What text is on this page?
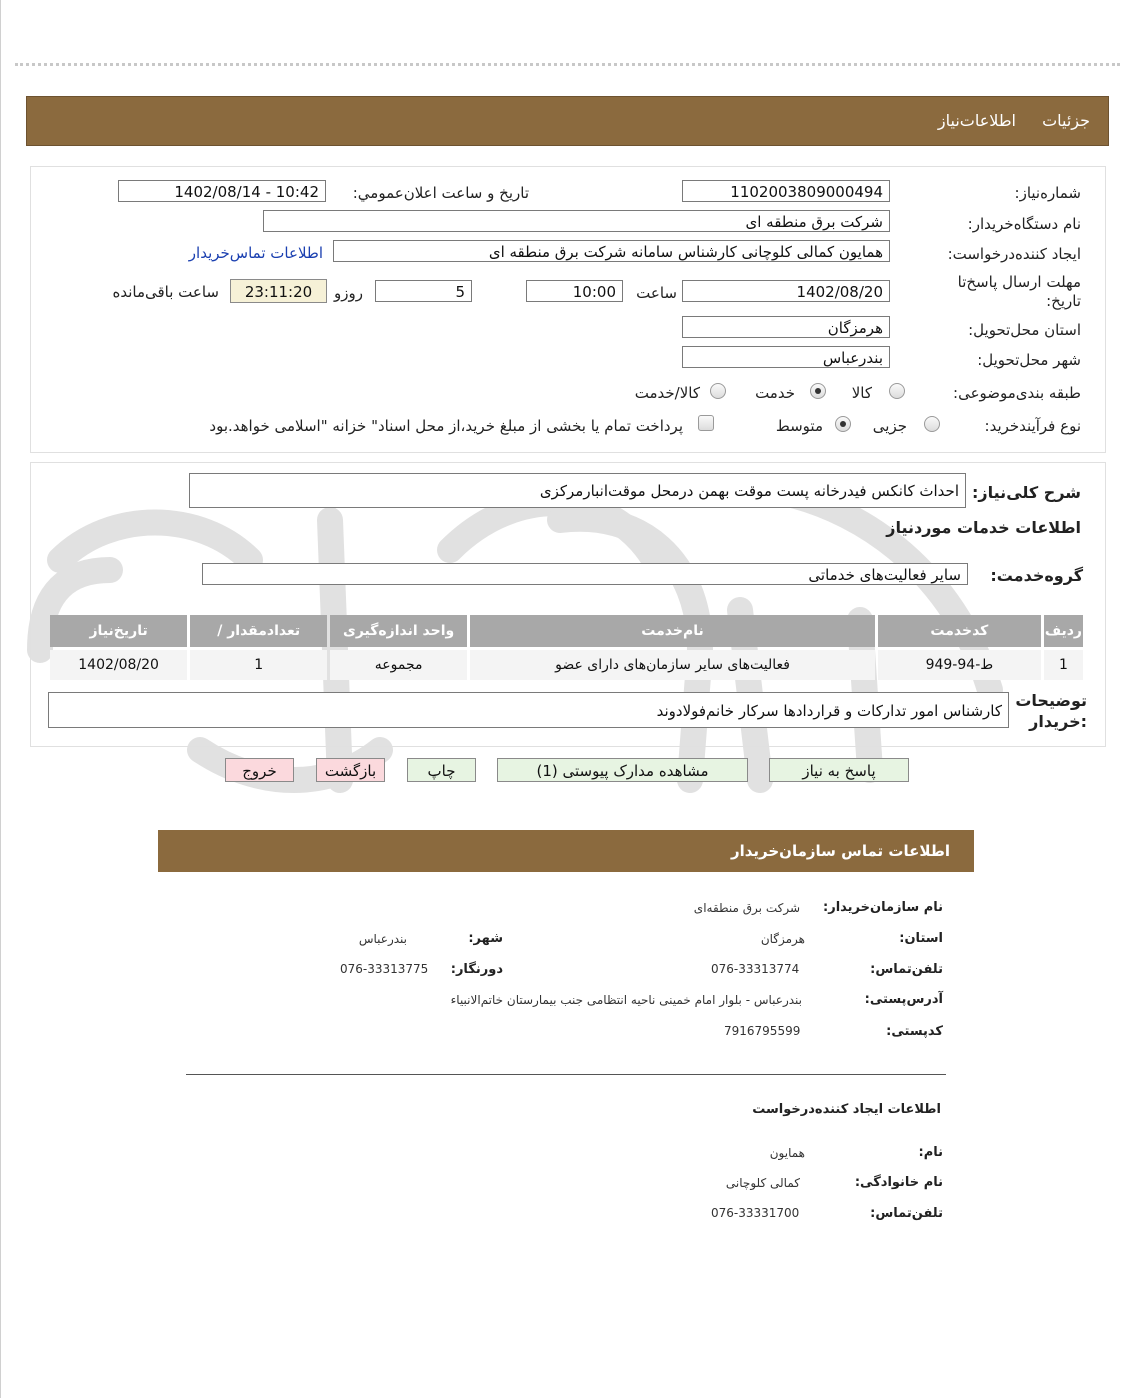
جزئیات
اطلاعات‌نیاز
شماره‌نیاز:
1102003809000494
تاریخ و ساعت اعلان‌عمومي:
1402/08/14 - 10:42
نام دستگاه‌خریدار:
شرکت برق منطقه ای
ایجاد کننده‌درخواست:
همایون کمالی کلوچانی کارشناس سامانه شرکت برق منطقه ای
اطلاعات تماس‌خریدار
مهلت ارسال پاسخ‌تا
تاریخ:
1402/08/20
ساعت
10:00
5
روزو
23:11:20
ساعت باقی‌مانده
استان محل‌تحویل:
هرمزگان
شهر محل‌تحویل:
بندرعباس
طبقه بندی‌موضوعی:
کالا
خدمت
کالا/خدمت
نوع فرآیند‌خرید:
جزیی
متوسط
پرداخت تمام یا بخشی از مبلغ خرید،از محل اسناد" خزانه "اسلامی خواهد‌.بود
شرح کلی‌نیاز:
احداث کانکس فیدرخانه پست موقت بهمن درمحل موقت‌انبارمرکزی
اطلاعات خدمات موردنیاز
گروه‌خدمت:
سایر فعالیت‌های خدماتی
ردیف	کدخدمت	نام‌خدمت	واحد اندازه‌گیری	تعداد‌مقدار /	تاریخ‌نیاز
1	ط-94-949	فعالیت‌های سایر سازمان‌های دارای عضو	مجموعه	1	1402/08/20
توضیحات
:خریدار
کارشناس امور تدارکات و قراردادها سرکار خانم‌فولادوند
پاسخ به نیاز
مشاهده مدارک پیوستی (1)
چاپ
بازگشت
خروج
اطلاعات تماس سازمان‌خریدار
نام سازمان‌خریدار:
شرکت برق منطقه‌ای
استان:
هرمزگان
شهر:
بندرعباس
تلفن‌تماس:
076-33313774
دورنگار:
076-33313775
آدرس‌پستی:
بندرعباس - بلوار امام خمینی ناحیه انتظامی جنب بیمارستان خاتم‌الانبیاء
کدپستی:
7916795599
اطلاعات ایجاد کننده‌درخواست
نام:
همایون
نام خانوادگی:
کمالی کلوچانی
تلفن‌تماس:
076-33331700
